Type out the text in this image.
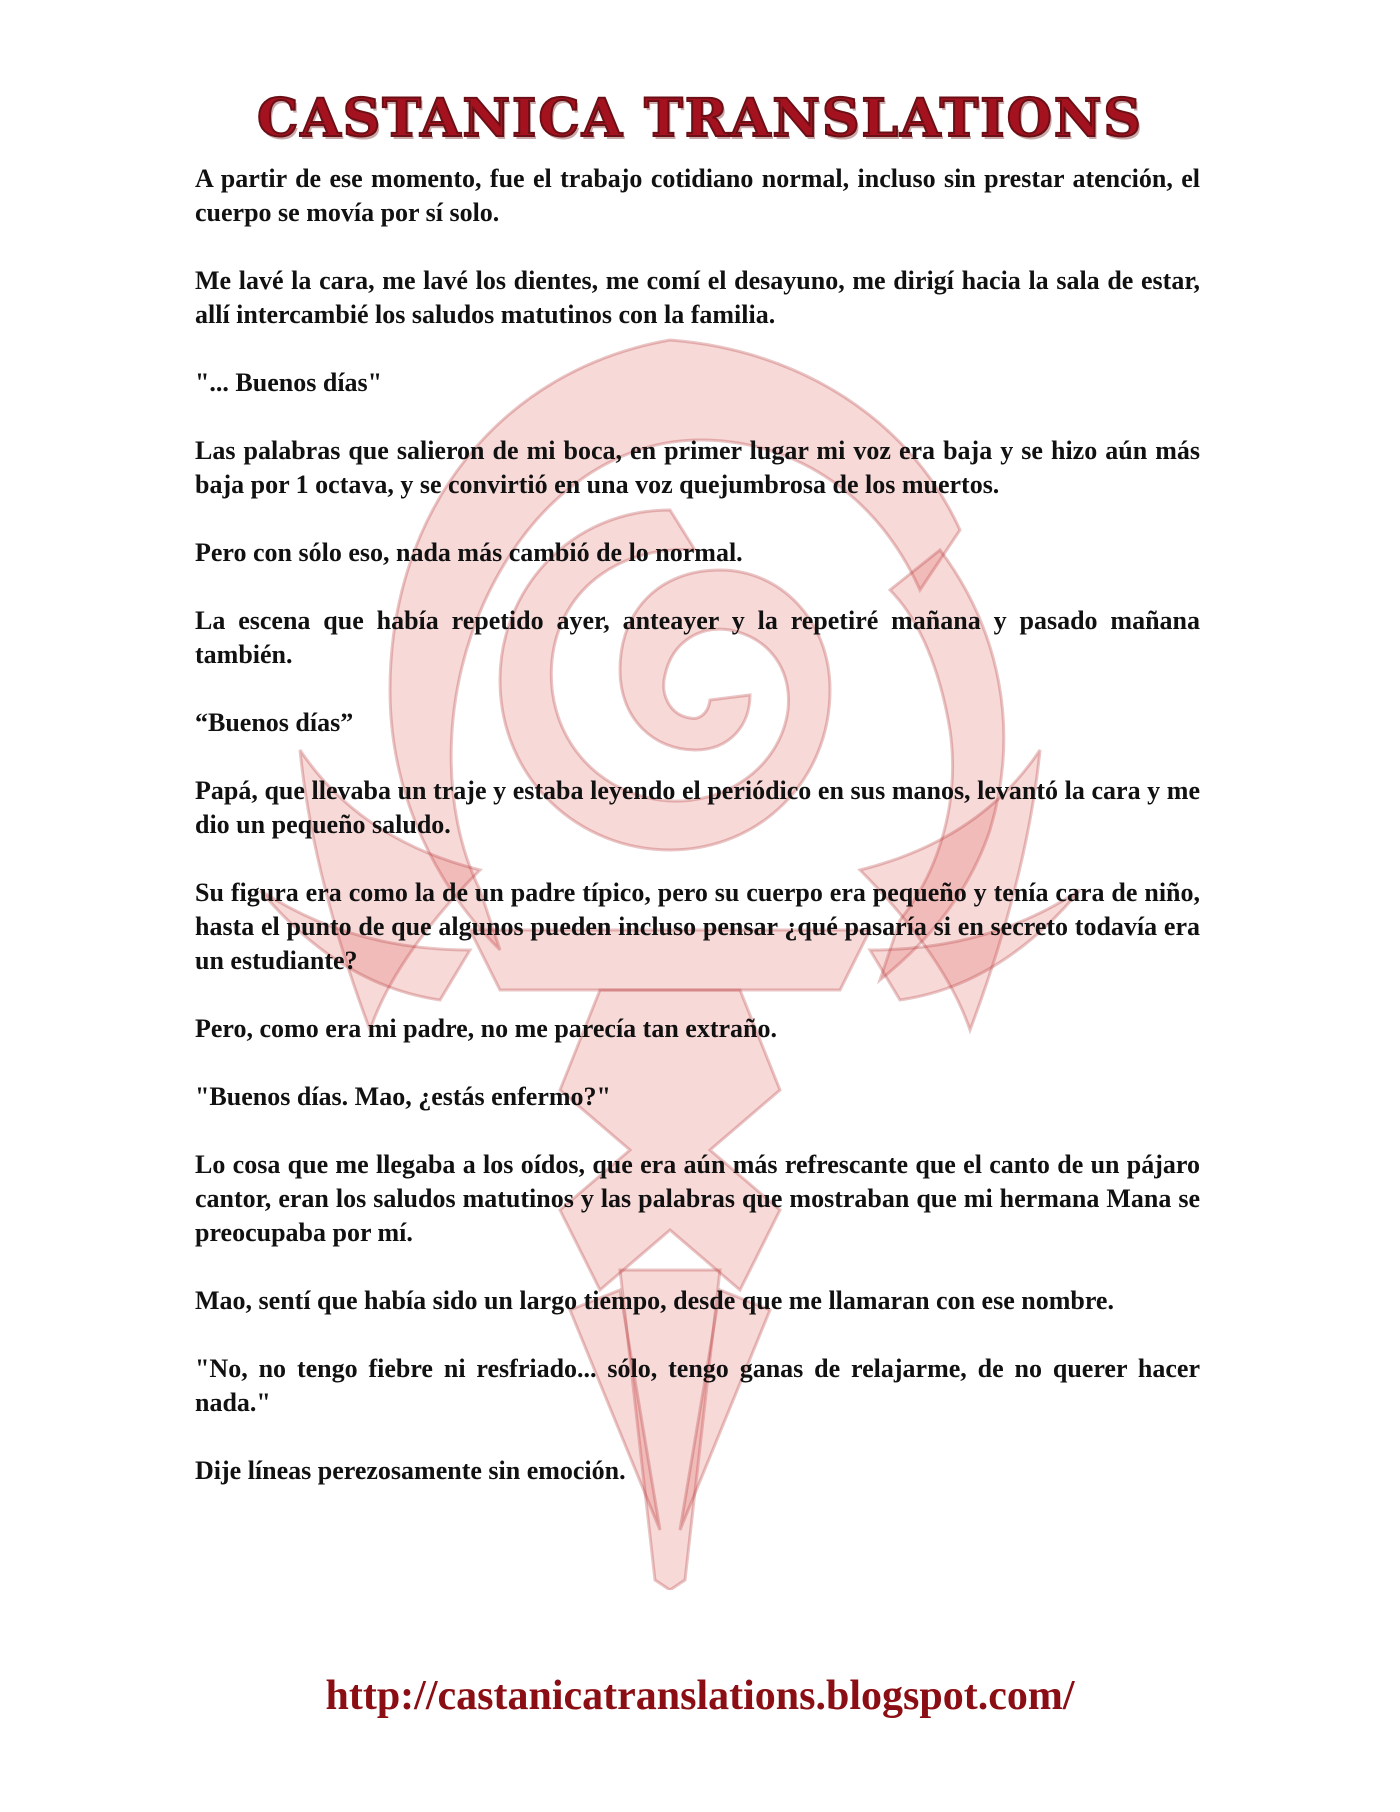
CASTANICA TRANSLATIONS

A partir de ese momento, fue el trabajo cotidiano normal, incluso sin prestar atención, el cuerpo se movía por sí solo.

Me lavé la cara, me lavé los dientes, me comí el desayuno, me dirigí hacia la sala de estar, allí intercambié los saludos matutinos con la familia.

"... Buenos días"

Las palabras que salieron de mi boca, en primer lugar mi voz era baja y se hizo aún más baja por 1 octava, y se convirtió en una voz quejumbrosa de los muertos.

Pero con sólo eso, nada más cambió de lo normal.

La escena que había repetido ayer, anteayer y la repetiré mañana y pasado mañana también.

“Buenos días”

Papá, que llevaba un traje y estaba leyendo el periódico en sus manos, levantó la cara y me dio un pequeño saludo.

Su figura era como la de un padre típico, pero su cuerpo era pequeño y tenía cara de niño, hasta el punto de que algunos pueden incluso pensar ¿qué pasaría si en secreto todavía era un estudiante?

Pero, como era mi padre, no me parecía tan extraño.

"Buenos días. Mao, ¿estás enfermo?"

Lo cosa que me llegaba a los oídos, que era aún más refrescante que el canto de un pájaro cantor, eran los saludos matutinos y las palabras que mostraban que mi hermana Mana se preocupaba por mí.

Mao, sentí que había sido un largo tiempo, desde que me llamaran con ese nombre.

"No, no tengo fiebre ni resfriado... sólo, tengo ganas de relajarme, de no querer hacer nada."

Dije líneas perezosamente sin emoción.

http://castanicatranslations.blogspot.com/
